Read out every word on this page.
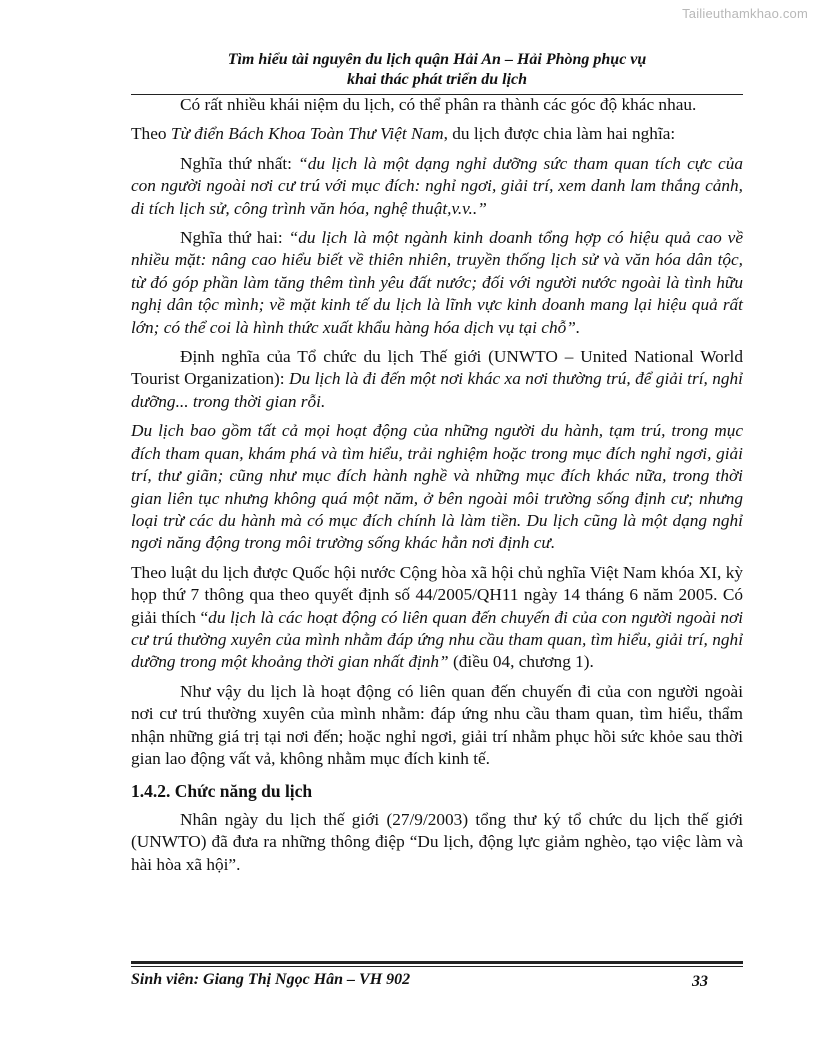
Tailieuthamkhao.com
Tìm hiểu tài nguyên du lịch quận Hải An – Hải Phòng phục vụ
khai thác phát triển du lịch

Có rất nhiều khái niệm du lịch, có thể phân ra thành các góc độ khác nhau.

Theo Từ điển Bách Khoa Toàn Thư Việt Nam, du lịch được chia làm hai nghĩa:

Nghĩa thứ nhất: “du lịch là một dạng nghỉ dưỡng sức tham quan tích cực của con người ngoài nơi cư trú với mục đích: nghỉ ngơi, giải trí, xem danh lam thắng cảnh, di tích lịch sử, công trình văn hóa, nghệ thuật,v.v..”

Nghĩa thứ hai: “du lịch là một ngành kinh doanh tổng hợp có hiệu quả cao về nhiều mặt: nâng cao hiểu biết về thiên nhiên, truyền thống lịch sử và văn hóa dân tộc, từ đó góp phần làm tăng thêm tình yêu đất nước; đối với người nước ngoài là tình hữu nghị dân tộc mình; về mặt kinh tế du lịch là lĩnh vực kinh doanh mang lại hiệu quả rất lớn; có thể coi là hình thức xuất khẩu hàng hóa dịch vụ tại chỗ”.

Định nghĩa của Tổ chức du lịch Thế giới (UNWTO – United National World Tourist Organization): Du lịch là đi đến một nơi khác xa nơi thường trú, để giải trí, nghỉ dưỡng... trong thời gian rỗi.

Du lịch bao gồm tất cả mọi hoạt động của những người du hành, tạm trú, trong mục đích tham quan, khám phá và tìm hiểu, trải nghiệm hoặc trong mục đích nghỉ ngơi, giải trí, thư giãn; cũng như mục đích hành nghề và những mục đích khác nữa, trong thời gian liên tục nhưng không quá một năm, ở bên ngoài môi trường sống định cư; nhưng loại trừ các du hành mà có mục đích chính là làm tiền. Du lịch cũng là một dạng nghỉ ngơi năng động trong môi trường sống khác hẳn nơi định cư.

Theo luật du lịch được Quốc hội nước Cộng hòa xã hội chủ nghĩa Việt Nam khóa XI, kỳ họp thứ 7 thông qua theo quyết định số 44/2005/QH11 ngày 14 tháng 6 năm 2005. Có giải thích “du lịch là các hoạt động có liên quan đến chuyến đi của con người ngoài nơi cư trú thường xuyên của mình nhằm đáp ứng nhu cầu tham quan, tìm hiểu, giải trí, nghỉ dưỡng trong một khoảng thời gian nhất định” (điều 04, chương 1).

Như vậy du lịch là hoạt động có liên quan đến chuyến đi của con người ngoài nơi cư trú thường xuyên của mình nhằm: đáp ứng nhu cầu tham quan, tìm hiểu, thẩm nhận những giá trị tại nơi đến; hoặc nghỉ ngơi, giải trí nhằm phục hồi sức khỏe sau thời gian lao động vất vả, không nhằm mục đích kinh tế.

1.4.2. Chức năng du lịch

Nhân ngày du lịch thế giới (27/9/2003) tổng thư ký tổ chức du lịch thế giới (UNWTO) đã đưa ra những thông điệp “Du lịch, động lực giảm nghèo, tạo việc làm và hài hòa xã hội”.

Sinh viên: Giang Thị Ngọc Hân – VH 902	33
